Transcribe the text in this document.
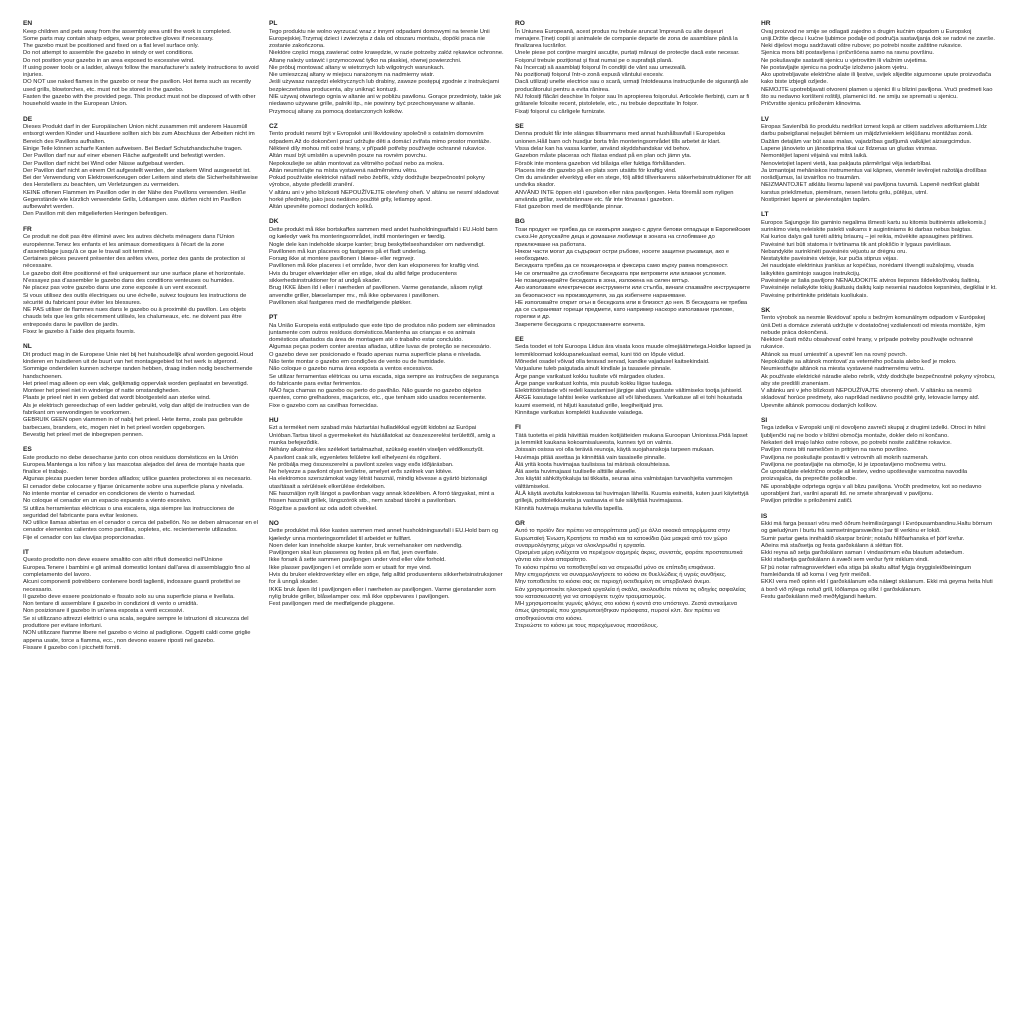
EN

Keep children and pets away from the assembly area until the work is completed.
Some parts may contain sharp edges, wear protective gloves if necessary.
The gazebo must be positioned and fixed on a flat level surface only.
Do not attempt to assemble the gazebo in windy or wet conditions.
Do not position your gazebo in an area exposed to excessive wind.
If using power tools or a ladder, always follow the manufacturer's safety instructions to avoid injuries.
DO NOT use naked flames in the gazebo or near the pavilion. Hot items such as recently used grills, blowtorches, etc. must not be stored in the gazebo.
Fasten the gazebo with the provided pegs. This product must not be disposed of with other household waste in the European Union.

DE

Dieses Produkt darf in der Europäischen Union nicht zusammen mit anderem Hausmüll entsorgt werden Kinder und Haustiere sollten sich bis zum Abschluss der Arbeiten nicht im Bereich des Pavillons aufhalten.
Einige Teile können scharfe Kanten aufweisen. Bei Bedarf Schutzhandschuhe tragen.
Der Pavillon darf nur auf einer ebenen Fläche aufgestellt und befestigt werden.
Der Pavillon darf nicht bei Wind oder Nässe aufgebaut werden.
Der Pavillon darf nicht an einem Ort aufgestellt werden, der starkem Wind ausgesetzt ist.
Bei der Verwendung von Elektrowerkzeugen oder Leitern sind stets die Sicherheitshinweise des Herstellers zu beachten, um Verletzungen zu vermeiden.
KEINE offenen Flammen im Pavillon oder in der Nähe des Pavillons verwenden. Heiße Gegenstände wie kürzlich verwendete Grills, Lötlampen usw. dürfen nicht im Pavillon aufbewahrt werden.
Den Pavillon mit den mitgelieferten Heringen befestigen.

FR

Ce produit ne doit pas être éliminé avec les autres déchets ménagers dans l'Union européenne.Tenez les enfants et les animaux domestiques à l'écart de la zone d'assemblage jusqu'à ce que le travail soit terminé.
Certaines pièces peuvent présenter des arêtes vives, portez des gants de protection si nécessaire.
Le gazebo doit être positionné et fixé uniquement sur une surface plane et horizontale.
N'essayez pas d'assembler le gazebo dans des conditions venteuses ou humides.
Ne placez pas votre gazebo dans une zone exposée à un vent excessif.
Si vous utilisez des outils électriques ou une échelle, suivez toujours les instructions de sécurité du fabricant pour éviter les blessures.
NE PAS utiliser de flammes nues dans le gazebo ou à proximité du pavillon. Les objets chauds tels que les grils récemment utilisés, les chalumeaux, etc. ne doivent pas être entreposés dans le pavillon de jardin.
Fixez le gazebo à l'aide des piquets fournis.

NL

Dit product mag in de Europese Unie niet bij het huishoudelijk afval worden gegooid.Houd kinderen en huisdieren uit de buurt van het montagegebied tot het werk is afgerond.
Sommige onderdelen kunnen scherpe randen hebben, draag indien nodig beschermende handschoenen.
Het prieel mag alleen op een vlak, gelijkmatig oppervlak worden geplaatst en bevestigd.
Monteer het prieel niet in winderige of natte omstandigheden.
Plaats je prieel niet in een gebied dat wordt blootgesteld aan sterke wind.
Als je elektrisch gereedschap of een ladder gebruikt, volg dan altijd de instructies van de fabrikant om verwondingen te voorkomen.
GEBRUIK GEEN open vlammen in of nabij het prieel. Hete items, zoals pas gebruikte barbecues, branders, etc, mogen niet in het prieel worden opgeborgen.
Bevestig het prieel met de inbegrepen pennen.

ES

Este producto no debe desecharse junto con otros residuos domésticos en la Unión Europea.Mantenga a los niños y las mascotas alejados del área de montaje hasta que finalice el trabajo.
Algunas piezas pueden tener bordes afilados; utilice guantes protectores si es necesario.
El cenador debe colocarse y fijarse únicamente sobre una superficie plana y nivelada.
No intente montar el cenador en condiciones de viento o humedad.
No coloque el cenador en un espacio expuesto a viento excesivo.
Si utiliza herramientas eléctricas o una escalera, siga siempre las instrucciones de seguridad del fabricante para evitar lesiones.
NO utilice llamas abiertas en el cenador o cerca del pabellón. No se deben almacenar en el cenador elementos calientes como parrillas, sopletes, etc. recientemente utilizados.
Fije el cenador con las clavijas proporcionadas.

IT

Questo prodotto non deve essere smaltito con altri rifiuti domestici nell'Unione Europea.Tenere i bambini e gli animali domestici lontani dall'area di assemblaggio fino al completamento del lavoro.
Alcuni componenti potrebbero contenere bordi taglienti, indossare guanti protettivi se necessario.
Il gazebo deve essere posizionato e fissato solo su una superficie piana e livellata.
Non tentare di assemblare il gazebo in condizioni di vento o umidità.
Non posizionare il gazebo in un'area esposta a venti eccessivi.
Se si utilizzano attrezzi elettrici o una scala, seguire sempre le istruzioni di sicurezza del produttore per evitare infortuni.
NON utilizzare fiamme libere nel gazebo o vicino al padiglione. Oggetti caldi come griglie appena usate, torce a fiamma, ecc., non devono essere riposti nel gazebo.
Fissare il gazebo con i picchetti forniti.

PL

Tego produktu nie wolno wyrzucać wraz z innymi odpadami domowymi na terenie Unii Europejskiej.Trzymaj dzieci i zwierzęta z dala od obszaru montażu, dopóki praca nie zostanie zakończona.
Niektóre części mogą zawierać ostre krawędzie, w razie potrzeby załóż rękawice ochronne.
Altanę należy ustawić i przymocować tylko na płaskiej, równej powierzchni.
Nie próbuj montować altany w wietrznych lub wilgotnych warunkach.
Nie umieszczaj altany w miejscu narażonym na nadmierny wiatr.
Jeśli używasz narzędzi elektrycznych lub drabiny, zawsze postępuj zgodnie z instrukcjami bezpieczeństwa producenta, aby uniknąć kontuzji.
NIE używaj otwartego ognia w altanie ani w pobliżu pawilonu. Gorące przedmioty, takie jak niedawno używane grille, palniki itp., nie powinny być przechowywane w altanie.
Przymocuj altanę za pomocą dostarczonych kołków.

CZ

Tento produkt nesmí být v Evropské unii likvidovány společně s ostatním domovním odpadem.Až do dokončení prací udržujte děti a domácí zvířata mimo prostor montáže.
Některé díly mohou mít ostré hrany, v případě potřeby používejte ochranné rukavice.
Altán musí být umístěn a upevněn pouze na rovném povrchu.
Nepokoušejte se altán montovat za větrného počasí nebo za mokra.
Altán neumisťujte na místa vystavená nadměrnému větru.
Pokud používáte elektrické nářadí nebo žebřík, vždy dodržujte bezpečnostní pokyny výrobce, abyste předešli zranění.
V altánu ani v jeho blízkosti NEPOUŽÍVEJTE otevřený oheň. V altánu se nesmí skladovat horké předměty, jako jsou nedávno použité grily, letlampy apod.
Altán upevněte pomocí dodaných kolíků.

DK

Dette produkt må ikke bortskaffes sammen med andet husholdningsaffald i EU.Hold børn og kæledyr væk fra monteringsområdet, indtil monteringen er færdig.
Nogle dele kan indeholde skarpe kanter; brug beskyttelseshandsker om nødvendigt.
Pavillonen må kun placeres og fastgøres på et fladt underlag.
Forsøg ikke at montere pavillonen i blæse- eller regnvejr.
Pavillonen må ikke placeres i et område, hvor den kan eksponeres for kraftig vind.
Hvis du bruger elværktøjer eller en stige, skal du altid følge producentens sikkerhedsinstruktioner for at undgå skader.
Brug IKKE åben ild i eller i nærheden af pavillonen. Varme genstande, såsom nyligt anvendte griller, blæselamper mv., må ikke opbevares i pavillonen.
Pavillonen skal fastgøres med de medfølgende pløkker.

PT

Na União Europeia está estipulado que este tipo de produtos não podem ser eliminados juntamente com outros resíduos domésticos.Mantenha as crianças e os animais domésticos afastados da área de montagem até o trabalho estar concluído.
Algumas peças podem conter arestas afiadas, utilize luvas de proteção se necessário.
O gazebo deve ser posicionado e fixado apenas numa superfície plana e nivelada.
Não tente montar o gazebo em condições de vento ou de humidade.
Não coloque o gazebo numa área exposta a ventos excessivos.
Se utilizar ferramentas elétricas ou uma escada, siga sempre as instruções de segurança do fabricante para evitar ferimentos.
NÃO faça chamas no gazebo ou perto do pavilhão. Não guarde no gazebo objetos quentes, como grelhadores, maçaricos, etc., que tenham sido usados recentemente.
Fixe o gazebo com as cavilhas fornecidas.

HU

Ezt a terméket nem szabad más háztartási hulladékkal együtt kidobni az Európai Unióban.Tartsa távol a gyermekeket és háziállatokat az összeszerelési területtől, amíg a munka befejeződik.
Néhány alkatrész éles széleket tartalmazhat, szükség esetén viseljen védőkesztyűt.
A pavilont csak sík, egyenletes felületre kell elhelyezni és rögzíteni.
Ne próbálja meg összeszerelni a pavilont szeles vagy esős időjárásban.
Ne helyezze a pavilont olyan területre, amelyet erős szélnek van kitéve.
Ha elektromos szerszámokat vagy létrát használ, mindig kövesse a gyártó biztonsági utasításait a sérülések elkerülése érdekében.
NE használjon nyílt lángot a pavilonban vagy annak közelében. A forró tárgyakat, mint a frissen használt grillek, lángszórók stb., nem szabad tárolni a pavilonban.
Rögzítse a pavilont az oda adott cövekkel.

NO

Dette produktet må ikke kastes sammen med annet husholdningsavfall i EU.Hold barn og kjæledyr unna monteringsområdet til arbeidet er fullført.
Noen deler kan inneholde skarpe kanter, bruk vernehansker om nødvendig.
Paviljongen skal kun plasseres og festes på en flat, jevn overflate.
Ikke forsøk å sette sammen paviljongen under vind eller våte forhold.
Ikke plasser paviljongen i et område som er utsatt for mye vind.
Hvis du bruker elektroverktøy eller en stige, følg alltid produsentens sikkerhetsinstruksjoner for å unngå skader.
IKKE bruk åpen ild i paviljongen eller i nærheten av paviljongen. Varme gjenstander som nylig brukte griller, blåselamper osv. må ikke oppbevares i paviljongen.
Fest paviljongen med de medfølgende pluggene.

RO

În Uniunea Europeană, acest produs nu trebuie aruncat împreună cu alte deșeuri menajere.Țineți copiii și animalele de companie departe de zona de asamblare până la finalizarea lucrărilor.
Unele piese pot conține margini ascuțite, purtați mănuși de protecție dacă este necesar.
Foișorul trebuie poziționat și fixat numai pe o suprafață plană.
Nu încercați să asamblați foișorul în condiții de vânt sau umezeală.
Nu poziționați foișorul într-o zonă expusă vântului excesiv.
Dacă utilizați unelte electrice sau o scară, urmați întotdeauna instrucțiunile de siguranță ale producătorului pentru a evita rănirea.
NU folosiți flăcări deschise în foișor sau în apropierea foișorului. Articolele fierbinți, cum ar fi grătarele folosite recent, pistoletele, etc., nu trebuie depozitate în foișor.
Fixați foișorul cu cârligele furnizate.

SE

Denna produkt får inte slängas tillsammans med annat hushållsavfall i Europeiska unionen.Håll barn och husdjur borta från monteringsområdet tills arbetet är klart.
Vissa delar kan ha vassa kanter, använd skyddshandskar vid behov.
Gazebon måste placeras och fästas endast på en plan och jämn yta.
Försök inte montera gazebon vid blåsiga eller fuktiga förhållanden.
Placera inte din gazebo på en plats som utsätts för kraftig vind.
Om du använder elverktyg eller en stege, följ alltid tillverkarens säkerhetsinstruktioner för att undvika skador.
ANVÄND INTE öppen eld i gazebon eller nära paviljongen. Heta föremål som nyligen använda grillar, svetsbrännare etc. får inte förvaras i gazebon.
Fäst gazebon med de medföljande pinnar.

BG

Този продукт не трябва да се изхвърля заедно с други битови отпадъци в Европейския съюз.Не допускайте деца и домашни любимци в зоната на сглобяване до приключване на работата.
Някои части могат да съдържат остри ръбове, носете защитни ръкавици, ако е необходимо.
Беседката трябва да се позиционира и фиксира само върху равна повърхност.
Не се опитвайте да сглобявате беседката при ветровити или влажни условия.
Не позиционирайте беседката в зона, изложена на силен вятър.
Ако използвате електрически инструменти или стълба, винаги спазвайте инструкциите за безопасност на производителя, за да избегнете нараняване.
НЕ използвайте открит огън в беседката или в близост до нея. В беседката не трябва да се съхраняват горещи предмети, като например наскоро използвани грилове, горелки и др.
Закрепете беседката с предоставените колчета.

EE

Seda toodet ei tohi Euroopa Liidus ära visata koos muude olmejäätmetega.Hoidke lapsed ja lemmikloomad kokkupanekualast eemal, kuni töö on lõpule viidud.
Mõnedel osadel võivad olla teravad servad, kandke vajadusel kaitsekindaid.
Varjualune tuleb paigutada ainult kindlale ja tasasele pinnale.
Ärge pange varikatust kokku tuuliste või märgades oludes.
Ärge pange varikatust kohta, mis puutub kokku liigse tuulega.
Elektritööriistade või redeli kasutamisel järgige alati vigastuste vältimiseks tootja juhiseid.
ÄRGE kasutage lahtisi leeke varikatuse all või läheduses. Varikatuse all ei tohi hoiustada kuumi esemeid, nt hiljuti kasutatud grille, leegiheitjaid jms.
Kinnitage varikatus komplekti kuuluvate vaiadega.

FI

Tätä tuotetta ei pidä hävittää muiden kotijätteiden mukana Euroopan Unionissa.Pidä lapset ja lemmikit kaukana kokoamisalueesta, kunnes työ on valmis.
Joissain osissa voi olla teräviä reunoja, käytä suojahanskoja tarpeen mukaan.
Huvimaja pitää asettaa ja kiinnittää vain tasaiselle pinnalle.
Älä yritä koota huvimajaa tuulisissa tai märissä olosuhteissa.
Älä aseta huvimajaasi tuuliselle alttiille alueelle.
Jos käytät sähkötyökaluja tai tikkaita, seuraa aina valmistajan turvaohjeita vammojen välttämiseksi.
ÄLÄ käytä avotulta katoksessa tai huvimajan lähellä. Kuumia esineitä, kuten juuri käytettyjä grillejä, polttoleikkureita ja vastaavia ei tule säilyttää huvimajassa.
Kiinnitä huvimaja mukana tulevilla tapeilla.

GR

Αυτό το προϊόν δεν πρέπει να απορρίπτεται μαζί με άλλα οικιακά απορρίμματα στην Ευρωπαϊκή Ένωση.Κρατήστε τα παιδιά και τα κατοικίδια ζώα μακριά από τον χώρο συναρμολόγησης μέχρι να ολοκληρωθεί η εργασία.
Ορισμένα μέρη ενδέχεται να περιέχουν αιχμηρές άκρες, συνιστάς, φοράτε προστατευτικά γάντια εάν είναι απαραίτητο.
Το κιόσκι πρέπει να τοποθετηθεί και να στερεωθεί μόνο σε επίπεδη επιφάνεια.
Μην επιχειρήσετε να συναρμολογήσετε το κιόσκι σε θυελλώδεις ή υγρές συνθήκες.
Μην τοποθετείτε το κιόσκι σας σε περιοχή εκτεθειμένη σε υπερβολικό άνεμο.
Εάν χρησιμοποιείτε ηλεκτρικά εργαλεία ή σκάλα, ακολουθείτε πάντα τις οδηγίες ασφαλείας του κατασκευαστή για να αποφύγετε τυχόν τραυματισμούς.
ΜΗ χρησιμοποιείτε γυμνές φλόγες στο κιόσκι ή κοντά στο υπόστεγο. Ζεστά αντικείμενα όπως ψησταριές που χρησιμοποιήθηκαν πρόσφατα, πυρσοί κλπ. δεν πρέπει να αποθηκεύονται στο κιόσκι.
Στερεώστε το κιόσκι με τους παρεχόμενους πασσάλους.

HR

Ovaj proizvod ne smije se odlagati zajedno s drugim kućnim otpadom u Europskoj uniji.Držite djecu i kućne ljubimce podalje od područja sastavljanja dok se radovi ne završe.
Neki dijelovi mogu sadržavati oštre rubove; po potrebi nosite zaštitne rukavice.
Sjenica mora biti postavljena i pričvršćena samo na ravnu površinu.
Ne pokušavajte sastaviti sjenicu u vjetrovitim ili vlažnim uvjetima.
Ne postavljajte sjenicu na područje izloženo jakom vjetru.
Ako upotrebljavate električne alate ili ljestve, uvijek slijedite sigurnosne upute proizvođača kako biste izbjegli ozljede.
NEMOJTE upotrebljavati otvoreni plamen u sjenici ili u blizini paviljona. Vrući predmeti kao što su nedavno korišteni roštilji, plamenici itd. ne smiju se spremati u sjenicu.
Pričvrstite sjenicu priloženim klinovima.

LV

Eiropas Savienībā šo produktu nedrīkst izmest kopā ar citiem sadzīves atkritumiem.Līdz darbu pabeigšanai neļaujiet bērniem un mājdzīvniekiem iekļūšanu montāžas zonā.
Dažām detaļām var būt asas malas, vajadzības gadījumā valkājiet aizsargcimdus.
Lapene jānovieto un jānostiprina tikai uz līdzenas un gludas virsmas.
Nemontējiet lapeni vējainā vai mitrā laikā.
Nenovietojiet lapeni vietā, kas pakļauta pārmērīgai vēja iedarbībai.
Ja izmantojat mehāniskos instrumentus vai kāpnes, vienmēr ievērojiet ražotāja drošības norādījumus, lai izvairītos no traumām.
NEIZMANTOJIET atklātu liesmu lapenē vai paviljona tuvumā. Lapenē nedrīkst glabāt karstus priekšmetus, piemēram, nesen lietotu grilu, pūtējus, utml.
Nostipriniet lapeni ar pievienotajām tapām.

LT

Europos Sąjungoje šio gaminio negalima išmesti kartu su kitomis buitinėmis atliekomis.Į surinkimo vietą neleiskite patekti vaikams ir augintiniams iki darbas nebus baigtas.
Kai kurios dalys gali turėti aštrių briaunų – jei reikia, mūvėkite apsaugines pirštines.
Pavėsinė turi būti statoma ir tvirtinama tik ant plokščio ir lygaus paviršiaus.
Nebandykite surinkinėti pavėsinės vėjuotu ar drėgnu oru.
Nestatykite pavėsinės vietoje, kur pučia stiprus vėjas.
Jei naudojate elektrinius įrankius ar kopėčias, norėdami išvengti sužalojimų, visada laikykitės gamintojo saugos instrukcijų.
Pavėsinėje ar šalia paviljono NENAUDOKITE atviros liepsnos šildeklio/žvakių šaltinių. Pavėsinėje nelaikykite tokių įkaitusių daiktų kaip neseniai naudotos kepsninės, degikliai ir kt.
Pavėsinę pritvirtinkite pridėtais kuoliukais.

SK

Tento výrobok sa nesmie likvidovať spolu s bežným komunálnym odpadom v Európskej únii.Deti a domáce zvieratá udržujte v dostatočnej vzdialenosti od miesta montáže, kým nebude práca dokončená.
Niektoré časti môžu obsahovať ostré hrany, v prípade potreby používajte ochranné rukavice.
Altánok sa musí umiestniť a upevniť len na rovný povrch.
Nepokúšajte sa altánok montovať za veterného počasia alebo keď je mokro.
Neumiestňujte altánok na miesta vystavené nadmernému vetru.
Ak používate elektrické náradie alebo rebrík, vždy dodržujte bezpečnostné pokyny výrobcu, aby ste predišli zraneniam.
V altánku ani v jeho blízkosti NEPOUŽÍVAJTE otvorený oheň. V altánku sa nesmú skladovať horúce predmety, ako napríklad nedávno použité grily, letovacie lampy atď.
Upevnite altánok pomocou dodaných kolíkov.

SI

Tega izdelka v Evropski uniji ni dovoljeno zavreči skupaj z drugimi izdelki. Otroci in hišni ljubljenčki naj ne bodo v bližini območja montaže, dokler delo ni končano.
Nekateri deli imajo lahko ostre robove, po potrebi nosite zaščitne rokavice.
Paviljon mora biti nameščen in pritrjen na ravno površino.
Paviljona ne poskušajte postaviti v vetrovnih ali mokrih razmerah.
Paviljona ne postavljajte na območje, ki je izpostavljeno močnemu vetru.
Če uporabljate električno orodje ali lestev, vedno upoštevajte varnostna navodila proizvajalca, da preprečite poškodbe.
NE uporabljajte odprtega ognja v ali blizu paviljona. Vročih predmetov, kot so nedavno uporabljeni žari, varilni aparati itd. ne smete shranjevati v paviljonu.
Paviljon pritrdite s priloženimi zatiči.

IS

Ekki má farga þessari vöru með öðrum heimilisúrgangi í Evrópusambandinu.Haltu börnum og gæludýrum í burtu frá samsetningarsvæðinu þar til verkinu er lokið.
Sumir partar gæta innihaldið skarpar brúnir; notaðu hlífðarhanska ef þörf krefur.
Aðeins má staðsetja og festa garðskálann á sléttan flöt.
Ekki reyna að setja garðskálann saman í vindasömum eða blautum aðstæðum.
Ekki staðsetja garðskálann á svæði sem verður fyrir miklum vindi.
Ef þú notar rafmagnsverkfæri eða stiga þá skaltu alltaf fylgja öryggisleiðbeiningum framleiðanda til að koma í veg fyrir meiðsli.
EKKI vera með opinn eld í garðskálanum eða nálægt skálanum. Ekki má geyma heita hluti á borð við nýlega notuð grill, lóðlampa og slíkt í garðskálanum.
Festu garðskálann með meðfylgjandi hælum.
